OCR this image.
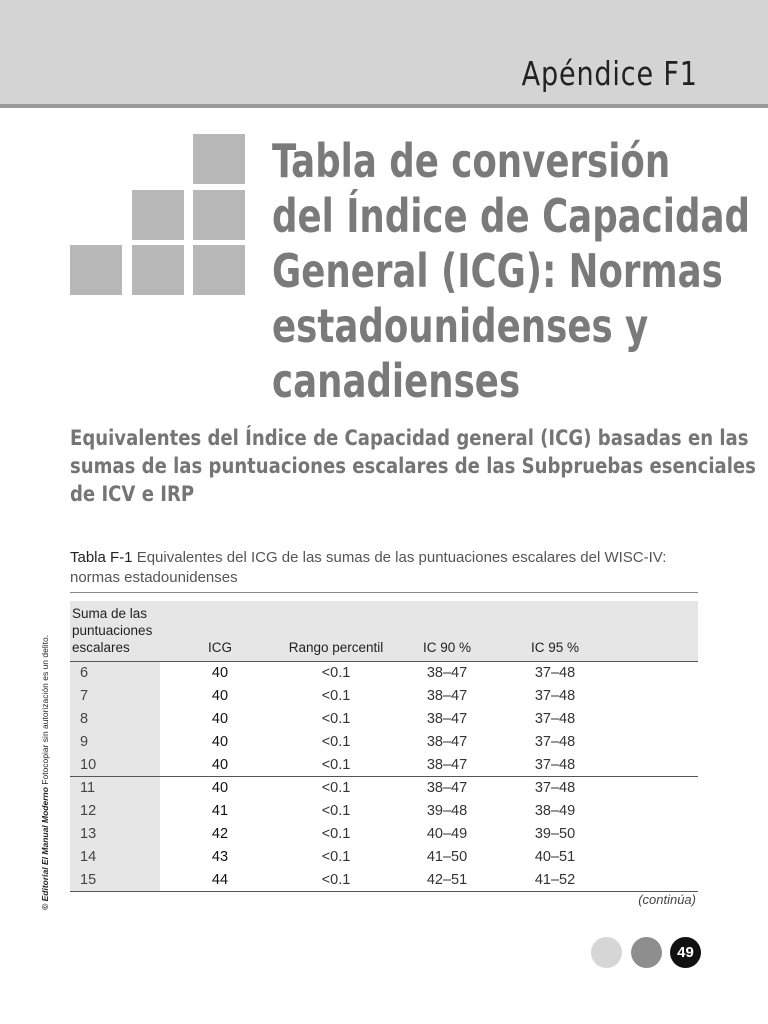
Apéndice F1
Tabla de conversión
del Índice de Capacidad
General (ICG): Normas
estadounidenses y
canadienses
Equivalentes del Índice de Capacidad general (ICG) basadas en las
sumas de las puntuaciones escalares de las Subpruebas esenciales
de ICV e IRP
Tabla F-1 Equivalentes del ICG de las sumas de las puntuaciones escalares del WISC-IV: normas estadounidenses
Suma de las
puntuaciones
escalares	ICG	Rango percentil	IC 90 %	IC 95 %	
6	40	<0.1	38–47	37–48	
7	40	<0.1	38–47	37–48	
8	40	<0.1	38–47	37–48	
9	40	<0.1	38–47	37–48	
10	40	<0.1	38–47	37–48	
11	40	<0.1	38–47	37–48	
12	41	<0.1	39–48	38–49	
13	42	<0.1	40–49	39–50	
14	43	<0.1	41–50	40–51	
15	44	<0.1	42–51	41–52	
(continúa)
© Editorial El Manual Moderno Fotocopiar sin autorización es un delito.
49
